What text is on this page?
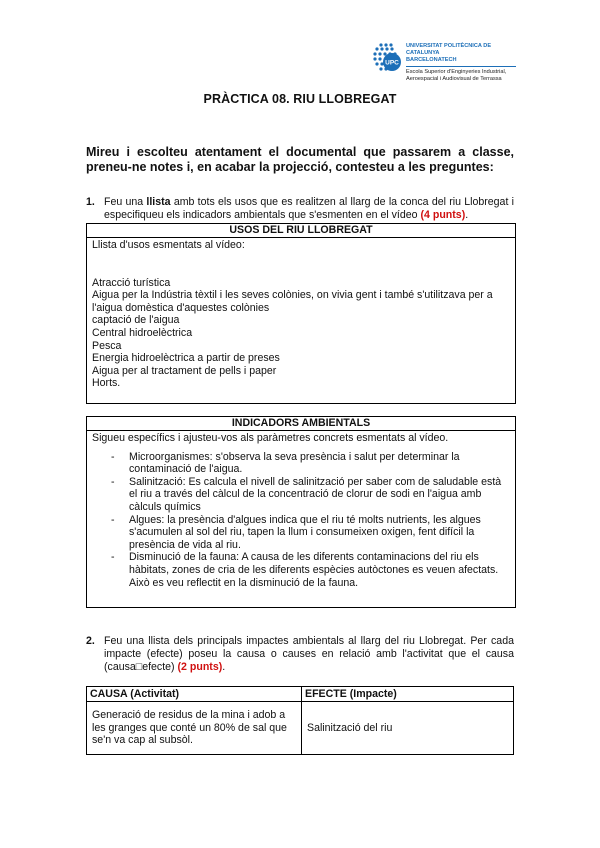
UPC
UNIVERSITAT POLITÈCNICA DE CATALUNYA
BARCELONATECH
Escola Superior d'Enginyeries Industrial,
Aeroespacial i Audiovisual de Terrassa
PRÀCTICA 08. RIU LLOBREGAT
Mireu i escolteu atentament el documental que passarem a classe, preneu-ne notes i, en acabar la projecció, contesteu a les preguntes:
1. Feu una llista amb tots els usos que es realitzen al llarg de la conca del riu Llobregat i especifiqueu els indicadors ambientals que s'esmenten en el vídeo (4 punts).
USOS DEL RIU LLOBREGAT
Llista d'usos esmentats al vídeo:
Atracció turística
Aigua per la Indústria tèxtil i les seves colònies, on vivia gent i també s'utilitzava per a l'aigua domèstica d'aquestes colònies
captació de l'aigua
Central hidroelèctrica
Pesca
Energia hidroelèctrica a partir de preses
Aigua per al tractament de pells i paper
Horts.
INDICADORS AMBIENTALS
Sigueu específics i ajusteu-vos als paràmetres concrets esmentats al vídeo.
- Microorganismes: s'observa la seva presència i salut per determinar la contaminació de l'aigua.
- Salinització: Es calcula el nivell de salinització per saber com de saludable està el riu a través del càlcul de la concentració de clorur de sodi en l'aigua amb càlculs químics
- Algues: la presència d'algues indica que el riu té molts nutrients, les algues s'acumulen al sol del riu, tapen la llum i consumeixen oxigen, fent difícil la presència de vida al riu.
- Disminució de la fauna: A causa de les diferents contaminacions del riu els hàbitats, zones de cria de les diferents espècies autòctones es veuen afectats. Això es veu reflectit en la disminució de la fauna.
2. Feu una llista dels principals impactes ambientals al llarg del riu Llobregat. Per cada impacte (efecte) poseu la causa o causes en relació amb l'activitat que el causa (causa□efecte) (2 punts).
CAUSA (Activitat)	EFECTE (Impacte)
Generació de residus de la mina i adob a les granges que conté un 80% de sal que se'n va cap al subsòl.	Salinització del riu
